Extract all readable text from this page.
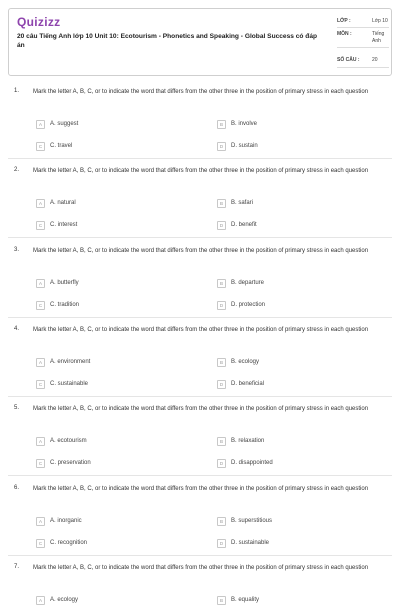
Quizizz
20 câu Tiếng Anh lớp 10 Unit 10: Ecotourism - Phonetics and Speaking - Global Success có đáp án
LỚP :	Lớp 10
MÔN :	Tiếng Anh
SỐ CÂU :	20
1. Mark the letter A, B, C, or to indicate the word that differs from the other three in the position of primary stress in each question
A	A. suggest	B	B. involve
C	C. travel	D	D. sustain
2. Mark the letter A, B, C, or to indicate the word that differs from the other three in the position of primary stress in each question
A	A. natural	B	B. safari
C	C. interest	D	D. benefit
3. Mark the letter A, B, C, or to indicate the word that differs from the other three in the position of primary stress in each question
A	A. butterfly	B	B. departure
C	C. tradition	D	D. protection
4. Mark the letter A, B, C, or to indicate the word that differs from the other three in the position of primary stress in each question
A	A. environment	B	B. ecology
C	C. sustainable	D	D. beneficial
5. Mark the letter A, B, C, or to indicate the word that differs from the other three in the position of primary stress in each question
A	A. ecotourism	B	B. relaxation
C	C. preservation	D	D. disappointed
6. Mark the letter A, B, C, or to indicate the word that differs from the other three in the position of primary stress in each question
A	A. inorganic	B	B. superstitious
C	C. recognition	D	D. sustainable
7. Mark the letter A, B, C, or to indicate the word that differs from the other three in the position of primary stress in each question
A	A. ecology	B	B. equality
